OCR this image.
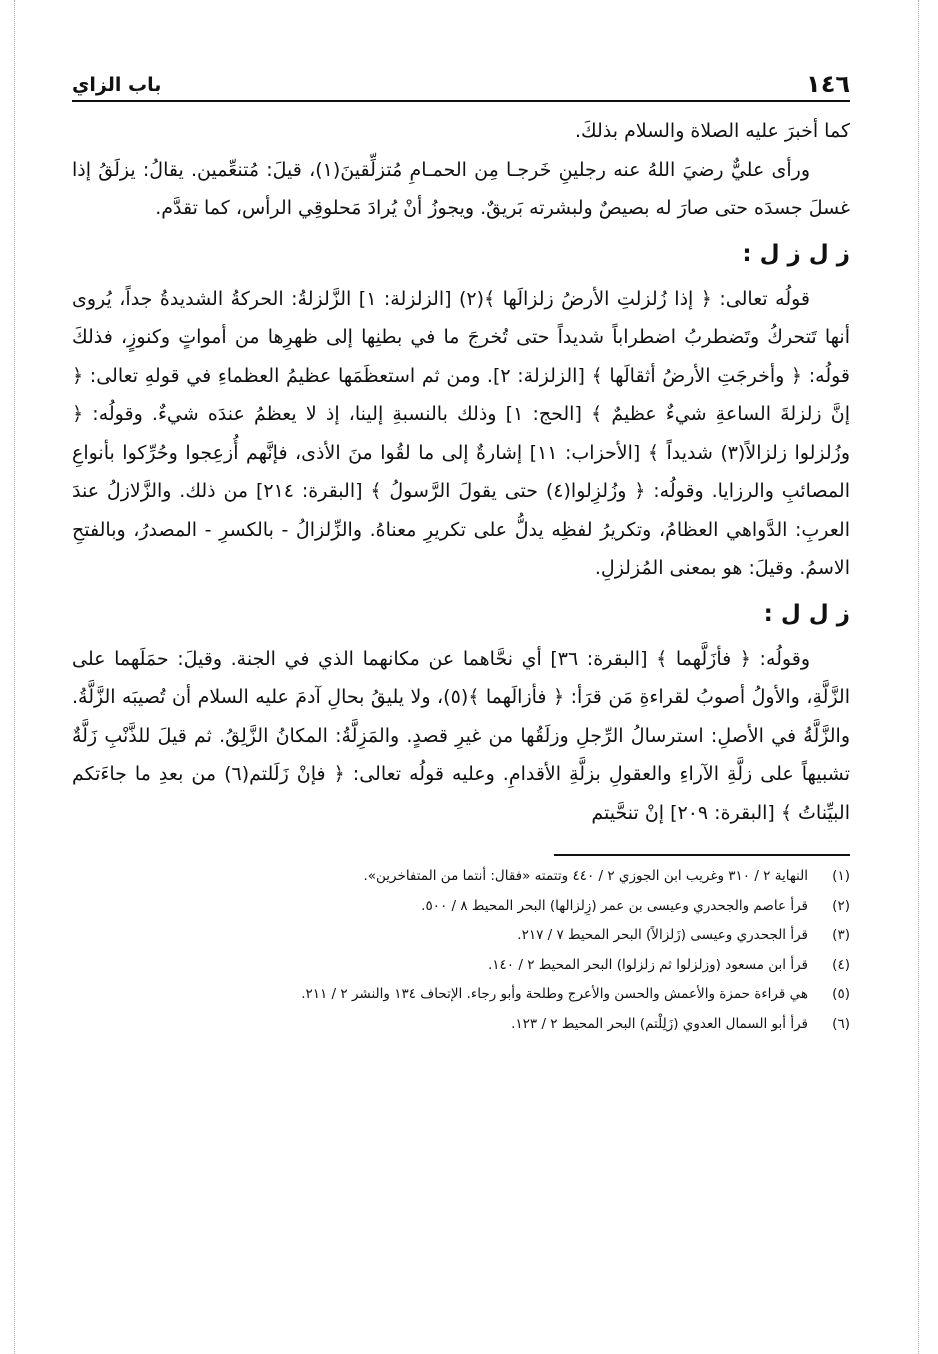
١٤٦
باب الزاي

كما أخبرَ عليه الصلاة والسلام بذلكَ.

ورأى عليٌّ رضيَ اللهُ عنه رجلينِ خَرجـا مِن الحمـامِ مُتزلِّقينَ(١)، قيلَ: مُتنعِّمين. يقالُ: يزلَقُ إذا غسلَ جسدَه حتى صارَ له بصيصٌ ولبشرته بَريقٌ. ويجوزُ أنْ يُرادَ مَحلوقِي الرأس، كما تقدَّم.

ز ل ز ل :

قولُه تعالى: ﴿ إذا زُلزلتِ الأرضُ زلزالَها ﴾(٢) [الزلزلة: ١] الزَّلزلةُ: الحركةُ الشديدةُ جداً، يُروى أنها تَتحركُ وتَضطربُ اضطراباً شديداً حتى تُخرجَ ما في بطنِها إلى ظهرِها من أمواتٍ وكنوزٍ، فذلكَ قولُه: ﴿ وأخرجَتِ الأرضُ أثقالَها ﴾ [الزلزلة: ٢]. ومن ثم استعظَمَها عظيمُ العظماءِ في قولهِ تعالى: ﴿ إنَّ زلزلةَ الساعةِ شيءٌ عظيمٌ ﴾ [الحج: ١] وذلك بالنسبةِ إلينا، إذ لا يعظمُ عندَه شيءٌ. وقولُه: ﴿ وزُلزلوا زلزالاً(٣) شديداً ﴾ [الأحزاب: ١١] إشارةٌ إلى ما لقُوا منَ الأذى، فإنَّهم أُزعِجوا وحُرِّكوا بأنواعِ المصائبِ والرزايا. وقولُه: ﴿ وزُلزِلوا(٤) حتى يقولَ الرَّسولُ ﴾ [البقرة: ٢١٤] من ذلك. والزَّلازلُ عندَ العربِ: الدَّواهي العظامُ، وتكريرُ لفظِه يدلُّ على تكريرِ معناهُ. والزِّلزالُ - بالكسرِ - المصدرُ، وبالفتحِ الاسمُ. وقيلَ: هو بمعنى المُزلزلِ.

ز ل ل :

وقولُه: ﴿ فأزَلَّهما ﴾ [البقرة: ٣٦] أي نحَّاهما عن مكانهما الذي في الجنة. وقيلَ: حمَلَهما على الزَّلَّةِ، والأولُ أصوبُ لقراءةِ مَن قرَأ: ﴿ فأزالَهما ﴾(٥)، ولا يليقُ بحالِ آدمَ عليه السلام أن تُصيبَه الزَّلَّةُ. والزَّلَّةُ في الأصلِ: استرسالُ الرِّجلِ وزلَقُها من غيرِ قصدٍ. والمَزِلَّةُ: المكانُ الزَّلِقُ. ثم قيلَ للذَّنْبِ زَلَّةٌ تشبيهاً على زلَّةِ الآراءِ والعقولِ بزلَّةِ الأقدامِ. وعليه قولُه تعالى: ﴿ فإنْ زَلَلتم(٦) من بعدِ ما جاءَتكم البيِّناتُ ﴾ [البقرة: ٢٠٩] إنْ تنحَّيتم

(١)
النهاية ٢ / ٣١٠ وغريب ابن الجوزي ٢ / ٤٤٠ وتتمته «فقال: أنتما من المتفاخرين».
(٢)
قرأ عاصم والجحدري وعيسى بن عمر (زِلزالها) البحر المحيط ٨ / ٥٠٠.
(٣)
قرأ الجحدري وعيسى (زَلزالاً) البحر المحيط ٧ / ٢١٧.
(٤)
قرأ ابن مسعود (وزلزلوا ثم زلزلوا) البحر المحيط ٢ / ١٤٠.
(٥)
هي قراءة حمزة والأعمش والحسن والأعرج وطلحة وأبو رجاء. الإتحاف ١٣٤ والنشر ٢ / ٢١١.
(٦)
قرأ أبو السمال العدوي (زَلِلْتم) البحر المحيط ٢ / ١٢٣.
